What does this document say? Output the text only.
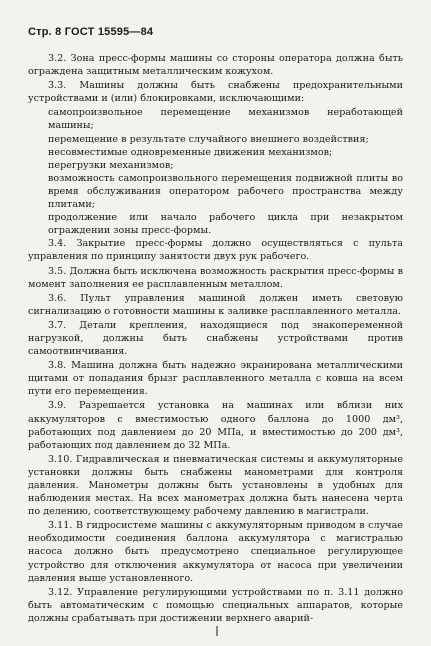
Стр. 8 ГОСТ 15595—84

3.2. Зона пресс-формы машины со стороны оператора должна быть ограждена защитным металлическим кожухом.

3.3. Машины должны быть снабжены предохранительными устройствами и (или) блокировками, исключающими:

самопроизвольное перемещение механизмов неработающей машины;

перемещение в результате случайного внешнего воздействия;

несовместимые одновременные движения механизмов;

перегрузки механизмов;

возможность самопроизвольного перемещения подвижной плиты во время обслуживания оператором рабочего пространства между плитами;

продолжение или начало рабочего цикла при незакрытом ограждении зоны пресс-формы.

3.4. Закрытие пресс-формы должно осуществляться с пульта управления по принципу занятости двух рук рабочего.

3.5. Должна быть исключена возможность раскрытия пресс-формы в момент заполнения ее расплавленным металлом.

3.6. Пульт управления машиной должен иметь световую сигнализацию о готовности машины к заливке расплавленного металла.

3.7. Детали крепления, находящиеся под знакопеременной нагрузкой, должны быть снабжены устройствами против самоотвинчивания.

3.8. Машина должна быть надежно экранирована металлическими щитами от попадания брызг расплавленного металла с ковша на всем пути его перемещения.

3.9. Разрешается установка на машинах или вблизи них аккумуляторов с вместимостью одного баллона до 1000 дм³, работающих под давлением до 20 МПа, и вместимостью до 200 дм³, работающих под давлением до 32 МПа.

3.10. Гидравлическая и пневматическая системы и аккумуляторные установки должны быть снабжены манометрами для контроля давления. Манометры должны быть установлены в удобных для наблюдения местах. На всех манометрах должна быть нанесена черта по делению, соответствующему рабочему давлению в магистрали.

3.11. В гидросистеме машины с аккумуляторным приводом в случае необходимости соединения баллона аккумулятора с магистралью насоса должно быть предусмотрено специальное регулирующее устройство для отключения аккумулятора от насоса при увеличении давления выше установленного.

3.12. Управление регулирующими устройствами по п. 3.11 должно быть автоматическим с помощью специальных аппаратов, которые должны срабатывать при достижении верхнего аварий-
